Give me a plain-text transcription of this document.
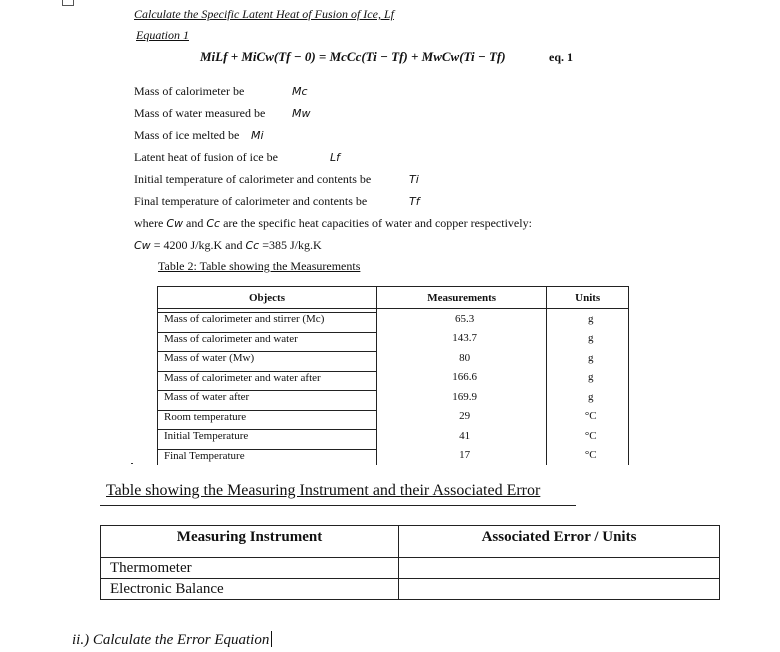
Calculate the Specific Latent Heat of Fusion of Ice, Lf
Equation 1
MiLf + MiCw(Tf − 0) = McCc(Ti − Tf) + MwCw(Ti − Tf)	eq. 1
Mass of calorimeter be	Mc
Mass of water measured be Mw
Mass of ice melted be Mi
Latent heat of fusion of ice be	Lf
Initial temperature of calorimeter and contents be	Ti
Final temperature of calorimeter and contents be	Tf
where Cw and Cc are the specific heat capacities of water and copper respectively:
Cw = 4200 J/kg.K and Cc =385 J/kg.K
Table 2: Table showing the Measurements
Objects	Measurements	Units

Mass of calorimeter and stirrer (Mc)	65.3	g

Mass of calorimeter and water	143.7	g

Mass of water (Mw)	80	g

Mass of calorimeter and water after	166.6	g

Mass of water after	169.9	g

Room temperature	29	°C

Initial Temperature	41	°C

Final Temperature	17	°C
Table showing the Measuring Instrument and their Associated Error
Measuring Instrument	Associated Error / Units
Thermometer	
Electronic Balance	
ii.) Calculate the Error Equation
